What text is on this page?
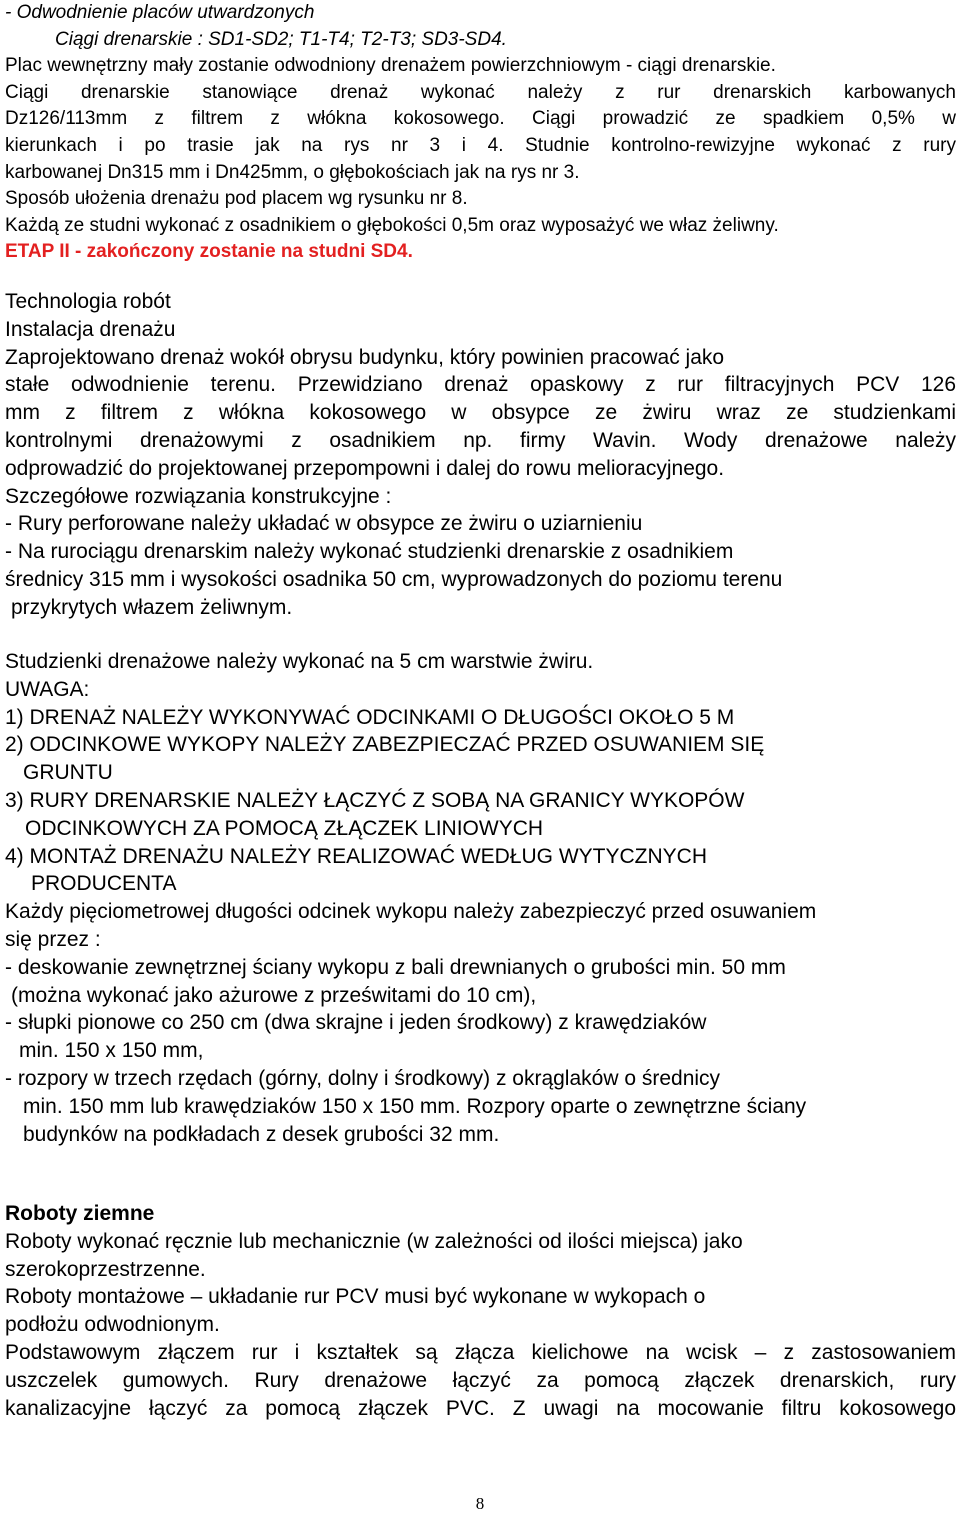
- Odwodnienie placów utwardzonych
Ciągi drenarskie : SD1-SD2; T1-T4; T2-T3; SD3-SD4.
Plac wewnętrzny mały zostanie odwodniony drenażem powierzchniowym - ciągi drenarskie.
Ciągi drenarskie stanowiące drenaż wykonać należy z rur drenarskich karbowanych
Dz126/113mm z filtrem z włókna kokosowego. Ciągi prowadzić ze spadkiem 0,5% w
kierunkach i po trasie jak na rys nr 3 i 4. Studnie kontrolno-rewizyjne wykonać z rury
karbowanej Dn315 mm i Dn425mm, o głębokościach jak na rys nr 3.
Sposób ułożenia drenażu pod placem wg rysunku nr 8.
Każdą ze studni wykonać z osadnikiem o głębokości 0,5m oraz wyposażyć we właz żeliwny.
ETAP II - zakończony zostanie na studni SD4.
Technologia robót
Instalacja drenażu
Zaprojektowano drenaż wokół obrysu budynku, który powinien pracować jako
stałe odwodnienie terenu. Przewidziano drenaż opaskowy z rur filtracyjnych PCV 126
mm z filtrem z włókna kokosowego w obsypce ze żwiru wraz ze studzienkami
kontrolnymi drenażowymi z osadnikiem np. firmy Wavin. Wody drenażowe należy
odprowadzić do projektowanej przepompowni i dalej do rowu melioracyjnego.
Szczegółowe rozwiązania konstrukcyjne :
- Rury perforowane należy układać w obsypce ze żwiru o uziarnieniu
- Na rurociągu drenarskim należy wykonać studzienki drenarskie z osadnikiem
średnicy 315 mm i wysokości osadnika 50 cm, wyprowadzonych do poziomu terenu
przykrytych włazem żeliwnym.
Studzienki drenażowe należy wykonać na 5 cm warstwie żwiru.
UWAGA:
1) DRENAŻ NALEŻY WYKONYWAĆ ODCINKAMI O DŁUGOŚCI OKOŁO 5 M
2) ODCINKOWE WYKOPY NALEŻY ZABEZPIECZAĆ PRZED OSUWANIEM SIĘ
GRUNTU
3) RURY DRENARSKIE NALEŻY ŁĄCZYĆ Z SOBĄ NA GRANICY WYKOPÓW
ODCINKOWYCH ZA POMOCĄ ZŁĄCZEK LINIOWYCH
4) MONTAŻ DRENAŻU NALEŻY REALIZOWAĆ WEDŁUG WYTYCZNYCH
PRODUCENTA
Każdy pięciometrowej długości odcinek wykopu należy zabezpieczyć przed osuwaniem
się przez :
- deskowanie zewnętrznej ściany wykopu z bali drewnianych o grubości min. 50 mm
(można wykonać jako ażurowe z prześwitami do 10 cm),
- słupki pionowe co 250 cm (dwa skrajne i jeden środkowy) z krawędziaków
min. 150 x 150 mm,
- rozpory w trzech rzędach (górny, dolny i środkowy) z okrąglaków o średnicy
min. 150 mm lub krawędziaków 150 x 150 mm. Rozpory oparte o zewnętrzne ściany
budynków na podkładach z desek grubości 32 mm.
Roboty ziemne
Roboty wykonać ręcznie lub mechanicznie (w zależności od ilości miejsca) jako
szerokoprzestrzenne.
Roboty montażowe – układanie rur PCV musi być wykonane w wykopach o
podłożu odwodnionym.
Podstawowym złączem rur i kształtek są złącza kielichowe na wcisk – z zastosowaniem
uszczelek gumowych. Rury drenażowe łączyć za pomocą złączek drenarskich, rury
kanalizacyjne łączyć za pomocą złączek PVC. Z uwagi na mocowanie filtru kokosowego
8
